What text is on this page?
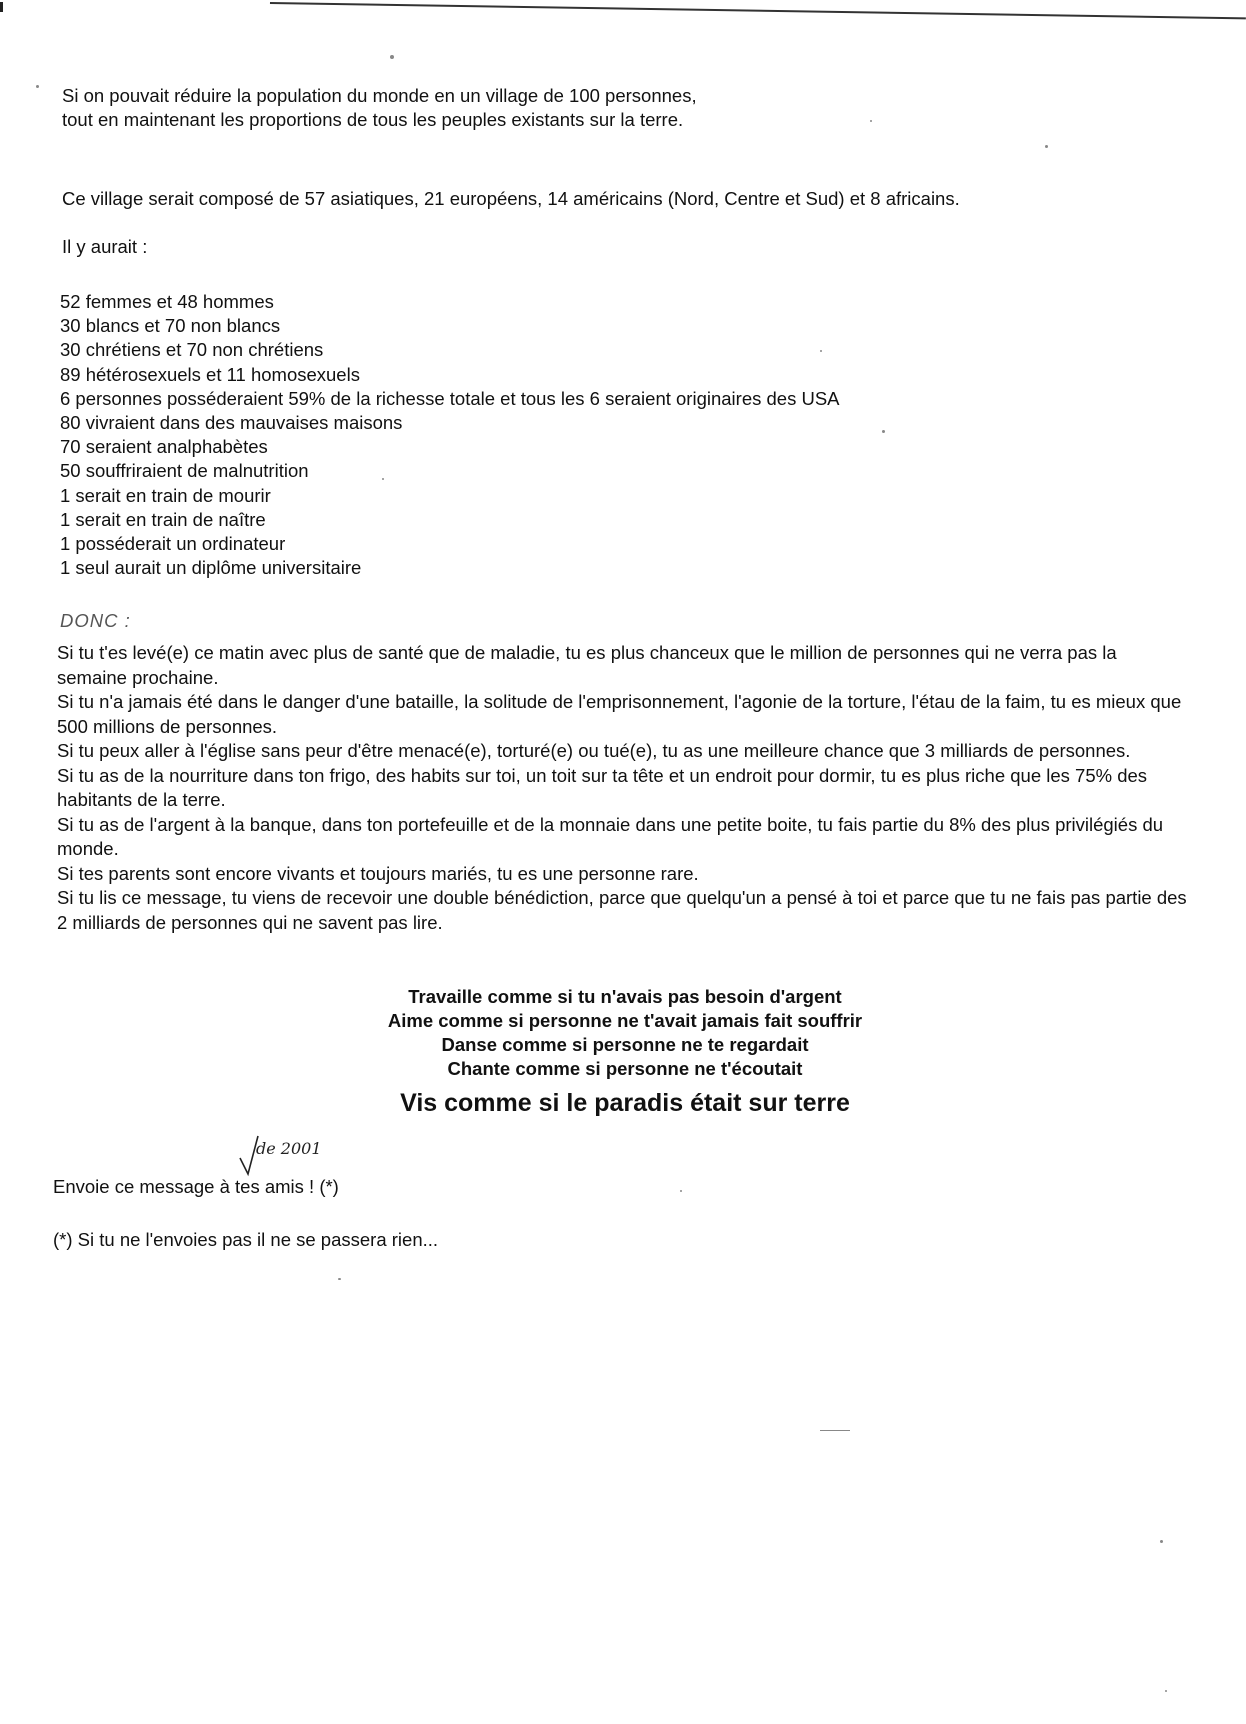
Si on pouvait réduire la population du monde en un village de 100 personnes,
tout en maintenant les proportions de tous les peuples existants sur la terre.
Ce village serait composé de 57 asiatiques, 21 européens, 14 américains (Nord, Centre et Sud) et 8 africains.
Il y aurait :
52 femmes et 48 hommes
30 blancs et 70 non blancs
30 chrétiens et 70 non chrétiens
89 hétérosexuels et 11 homosexuels
6 personnes posséderaient 59% de la richesse totale et tous les 6 seraient originaires des USA
80 vivraient dans des mauvaises maisons
70 seraient analphabètes
50 souffriraient de malnutrition
1 serait en train de mourir
1 serait en train de naître
1 posséderait un ordinateur
1 seul aurait un diplôme universitaire
DONC :

Si tu t'es levé(e) ce matin avec plus de santé que de maladie, tu es plus chanceux que le million de personnes qui ne verra pas la semaine prochaine.

Si tu n'a jamais été dans le danger d'une bataille, la solitude de l'emprisonnement, l'agonie de la torture, l'étau de la faim, tu es mieux que 500 millions de personnes.

Si tu peux aller à l'église sans peur d'être menacé(e), torturé(e) ou tué(e), tu as une meilleure chance que 3 milliards de personnes.

Si tu as de la nourriture dans ton frigo, des habits sur toi, un toit sur ta tête et un endroit pour dormir, tu es plus riche que les 75% des habitants de la terre.

Si tu as de l'argent à la banque, dans ton portefeuille et de la monnaie dans une petite boite, tu fais partie du 8% des plus privilégiés du monde.

Si tes parents sont encore vivants et toujours mariés, tu es une personne rare.

Si tu lis ce message, tu viens de recevoir une double bénédiction, parce que quelqu'un a pensé à toi et parce que tu ne fais pas partie des 2 milliards de personnes qui ne savent pas lire.

Travaille comme si tu n'avais pas besoin d'argent
Aime comme si personne ne t'avait jamais fait souffrir
Danse comme si personne ne te regardait
Chante comme si personne ne t'écoutait
Vis comme si le paradis était sur terre
de 2001
Envoie ce message à tes amis ! (*)
(*) Si tu ne l'envoies pas il ne se passera rien...
